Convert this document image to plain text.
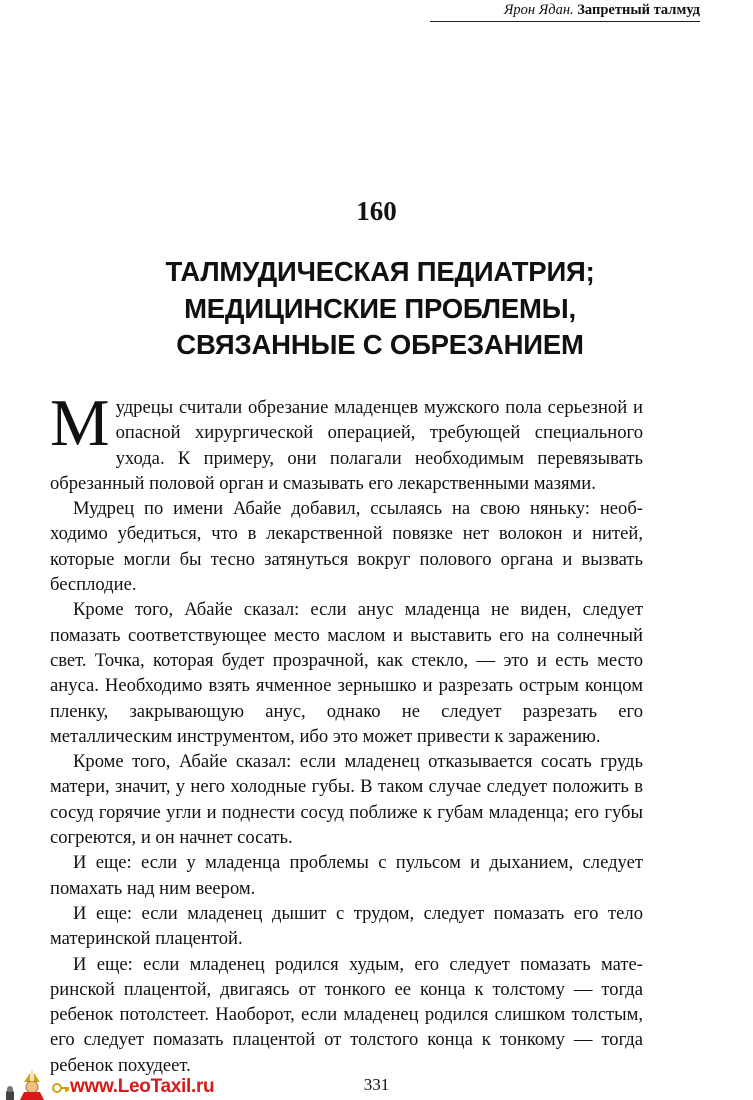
Ярон Ядан. Запретный талмуд
160
ТАЛМУДИЧЕСКАЯ ПЕДИАТРИЯ;
МЕДИЦИНСКИЕ ПРОБЛЕМЫ,
СВЯЗАННЫЕ С ОБРЕЗАНИЕМ

Мудрецы считали обрезание младенцев мужского пола серьезной и опасной хирургической операцией, требующей специального ухода. К примеру, они полагали необходимым перевязывать обрезанный половой орган и смазывать его лекарственными мазями.

Мудрец по имени Абайе добавил, ссылаясь на свою няньку: необходимо убедиться, что в лекарственной повязке нет волокон и нитей, которые могли бы тесно затянуться вокруг полового органа и вызвать бесплодие.

Кроме того, Абайе сказал: если анус младенца не виден, следует помазать соответствующее место маслом и выставить его на солнечный свет. Точка, которая будет прозрачной, как стекло, — это и есть место ануса. Необходимо взять ячменное зернышко и разрезать острым концом пленку, закрывающую анус, однако не следует разрезать его металлическим инструментом, ибо это может привести к заражению.

Кроме того, Абайе сказал: если младенец отказывается сосать грудь матери, значит, у него холодные губы. В таком случае следует положить в сосуд горячие угли и поднести сосуд поближе к губам младенца; его губы согреются, и он начнет сосать.

И еще: если у младенца проблемы с пульсом и дыханием, следует помахать над ним веером.

И еще: если младенец дышит с трудом, следует помазать его тело материнской плацентой.

И еще: если младенец родился худым, его следует помазать материнской плацентой, двигаясь от тонкого ее конца к толстому — тогда ребенок потолстеет. Наоборот, если младенец родился слишком толстым, его следует помазать плацентой от толстого конца к тонкому — тогда ребенок похудеет.

www.LeoTaxil.ru	331
